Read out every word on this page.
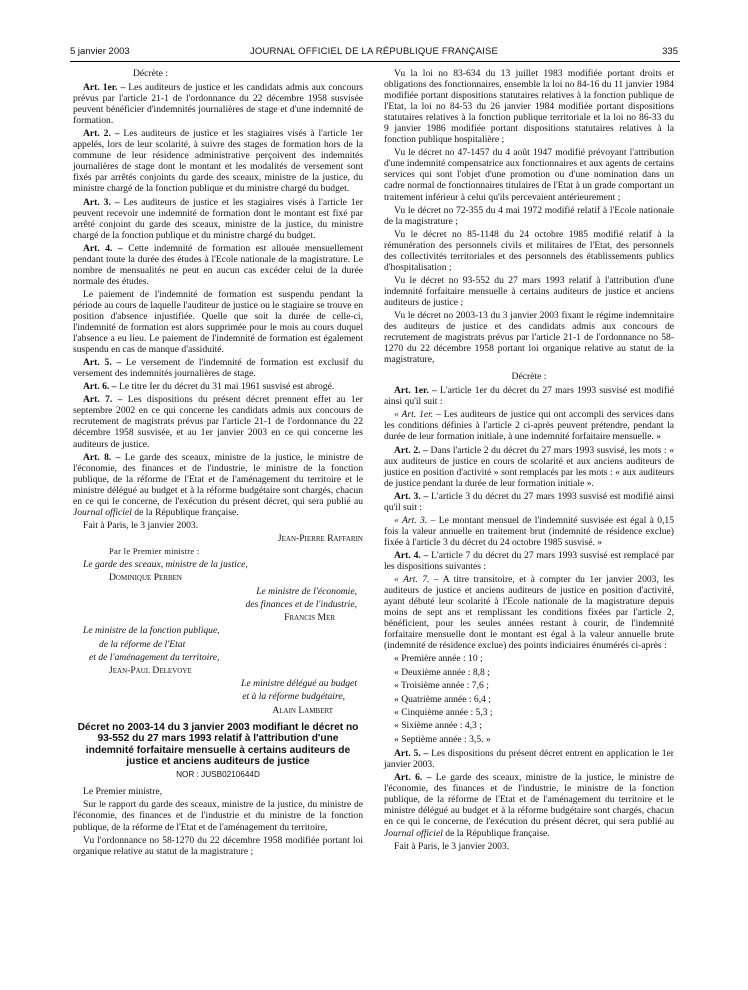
5 janvier 2003	JOURNAL OFFICIEL DE LA RÉPUBLIQUE FRANÇAISE	335

Décrète :

Art. 1er. – Les auditeurs de justice et les candidats admis aux concours prévus par l'article 21-1 de l'ordonnance du 22 décembre 1958 susvisée peuvent bénéficier d'indemnités journalières de stage et d'une indemnité de formation.

Art. 2. – Les auditeurs de justice et les stagiaires visés à l'article 1er appelés, lors de leur scolarité, à suivre des stages de formation hors de la commune de leur résidence administrative perçoivent des indemnités journalières de stage dont le montant et les modalités de versement sont fixés par arrêtés conjoints du garde des sceaux, ministre de la justice, du ministre chargé de la fonction publique et du ministre chargé du budget.

Art. 3. – Les auditeurs de justice et les stagiaires visés à l'article 1er peuvent recevoir une indemnité de formation dont le montant est fixé par arrêté conjoint du garde des sceaux, ministre de la justice, du ministre chargé de la fonction publique et du ministre chargé du budget.

Art. 4. – Cette indemnité de formation est allouée mensuellement pendant toute la durée des études à l'Ecole nationale de la magistrature. Le nombre de mensualités ne peut en aucun cas excéder celui de la durée normale des études.

Le paiement de l'indemnité de formation est suspendu pendant la période au cours de laquelle l'auditeur de justice ou le stagiaire se trouve en position d'absence injustifiée. Quelle que soit la durée de celle-ci, l'indemnité de formation est alors supprimée pour le mois au cours duquel l'absence a eu lieu. Le paiement de l'indemnité de formation est également suspendu en cas de manque d'assiduité.

Art. 5. – Le versement de l'indemnité de formation est exclusif du versement des indemnités journalières de stage.

Art. 6. – Le titre Ier du décret du 31 mai 1961 susvisé est abrogé.

Art. 7. – Les dispositions du présent décret prennent effet au 1er septembre 2002 en ce qui concerne les candidats admis aux concours de recrutement de magistrats prévus par l'article 21-1 de l'ordonnance du 22 décembre 1958 susvisée, et au 1er janvier 2003 en ce qui concerne les auditeurs de justice.

Art. 8. – Le garde des sceaux, ministre de la justice, le ministre de l'économie, des finances et de l'industrie, le ministre de la fonction publique, de la réforme de l'Etat et de l'aménagement du territoire et le ministre délégué au budget et à la réforme budgétaire sont chargés, chacun en ce qui le concerne, de l'exécution du présent décret, qui sera publié au Journal officiel de la République française.

Fait à Paris, le 3 janvier 2003.

Jean-Pierre Raffarin

Par le Premier ministre :

Le garde des sceaux, ministre de la justice,

Dominique Perben

Le ministre de l'économie,

des finances et de l'industrie,

Francis Mer

Le ministre de la fonction publique,

de la réforme de l'Etat

et de l'aménagement du territoire,

Jean-Paul Delevoye

Le ministre délégué au budget

et à la réforme budgétaire,

Alain Lambert

Décret no 2003-14 du 3 janvier 2003 modifiant le décret no 93-552 du 27 mars 1993 relatif à l'attribution d'une indemnité forfaitaire mensuelle à certains auditeurs de justice et anciens auditeurs de justice
NOR : JUSB0210644D

Le Premier ministre,

Sur le rapport du garde des sceaux, ministre de la justice, du ministre de l'économie, des finances et de l'industrie et du ministre de la fonction publique, de la réforme de l'Etat et de l'aménagement du territoire,

Vu l'ordonnance no 58-1270 du 22 décembre 1958 modifiée portant loi organique relative au statut de la magistrature ;

Vu la loi no 83-634 du 13 juillet 1983 modifiée portant droits et obligations des fonctionnaires, ensemble la loi no 84-16 du 11 janvier 1984 modifiée portant dispositions statutaires relatives à la fonction publique de l'Etat, la loi no 84-53 du 26 janvier 1984 modifiée portant dispositions statutaires relatives à la fonction publique territoriale et la loi no 86-33 du 9 janvier 1986 modifiée portant dispositions statutaires relatives à la fonction publique hospitalière ;

Vu le décret no 47-1457 du 4 août 1947 modifié prévoyant l'attribution d'une indemnité compensatrice aux fonctionnaires et aux agents de certains services qui sont l'objet d'une promotion ou d'une nomination dans un cadre normal de fonctionnaires titulaires de l'Etat à un grade comportant un traitement inférieur à celui qu'ils percevaient antérieurement ;

Vu le décret no 72-355 du 4 mai 1972 modifié relatif à l'Ecole nationale de la magistrature ;

Vu le décret no 85-1148 du 24 octobre 1985 modifié relatif à la rémunération des personnels civils et militaires de l'Etat, des personnels des collectivités territoriales et des personnels des établissements publics d'hospitalisation ;

Vu le décret no 93-552 du 27 mars 1993 relatif à l'attribution d'une indemnité forfaitaire mensuelle à certains auditeurs de justice et anciens auditeurs de justice ;

Vu le décret no 2003-13 du 3 janvier 2003 fixant le régime indemnitaire des auditeurs de justice et des candidats admis aux concours de recrutement de magistrats prévus par l'article 21-1 de l'ordonnance no 58-1270 du 22 décembre 1958 portant loi organique relative au statut de la magistrature,

Décrète :

Art. 1er. – L'article 1er du décret du 27 mars 1993 susvisé est modifié ainsi qu'il suit :

« Art. 1er. – Les auditeurs de justice qui ont accompli des services dans les conditions définies à l'article 2 ci-après peuvent prétendre, pendant la durée de leur formation initiale, à une indemnité forfaitaire mensuelle. »

Art. 2. – Dans l'article 2 du décret du 27 mars 1993 susvisé, les mots : « aux auditeurs de justice en cours de scolarité et aux anciens auditeurs de justice en position d'activité » sont remplacés par les mots : « aux auditeurs de justice pendant la durée de leur formation initiale ».

Art. 3. – L'article 3 du décret du 27 mars 1993 susvisé est modifié ainsi qu'il suit :

« Art. 3. – Le montant mensuel de l'indemnité susvisée est égal à 0,15 fois la valeur annuelle en traitement brut (indemnité de résidence exclue) fixée à l'article 3 du décret du 24 octobre 1985 susvisé. »

Art. 4. – L'article 7 du décret du 27 mars 1993 susvisé est remplacé par les dispositions suivantes :

« Art. 7. – A titre transitoire, et à compter du 1er janvier 2003, les auditeurs de justice et anciens auditeurs de justice en position d'activité, ayant débuté leur scolarité à l'Ecole nationale de la magistrature depuis moins de sept ans et remplissant les conditions fixées par l'article 2, bénéficient, pour les seules années restant à courir, de l'indemnité forfaitaire mensuelle dont le montant est égal à la valeur annuelle brute (indemnité de résidence exclue) des points indiciaires énumérés ci-après :

« Première année : 10 ;

« Deuxième année : 8,8 ;

« Troisième année : 7,6 ;

« Quatrième année : 6,4 ;

« Cinquième année : 5,3 ;

« Sixième année : 4,3 ;

« Septième année : 3,5. »

Art. 5. – Les dispositions du présent décret entrent en application le 1er janvier 2003.

Art. 6. – Le garde des sceaux, ministre de la justice, le ministre de l'économie, des finances et de l'industrie, le ministre de la fonction publique, de la réforme de l'Etat et de l'aménagement du territoire et le ministre délégué au budget et à la réforme budgétaire sont chargés, chacun en ce qui le concerne, de l'exécution du présent décret, qui sera publié au Journal officiel de la République française.

Fait à Paris, le 3 janvier 2003.
